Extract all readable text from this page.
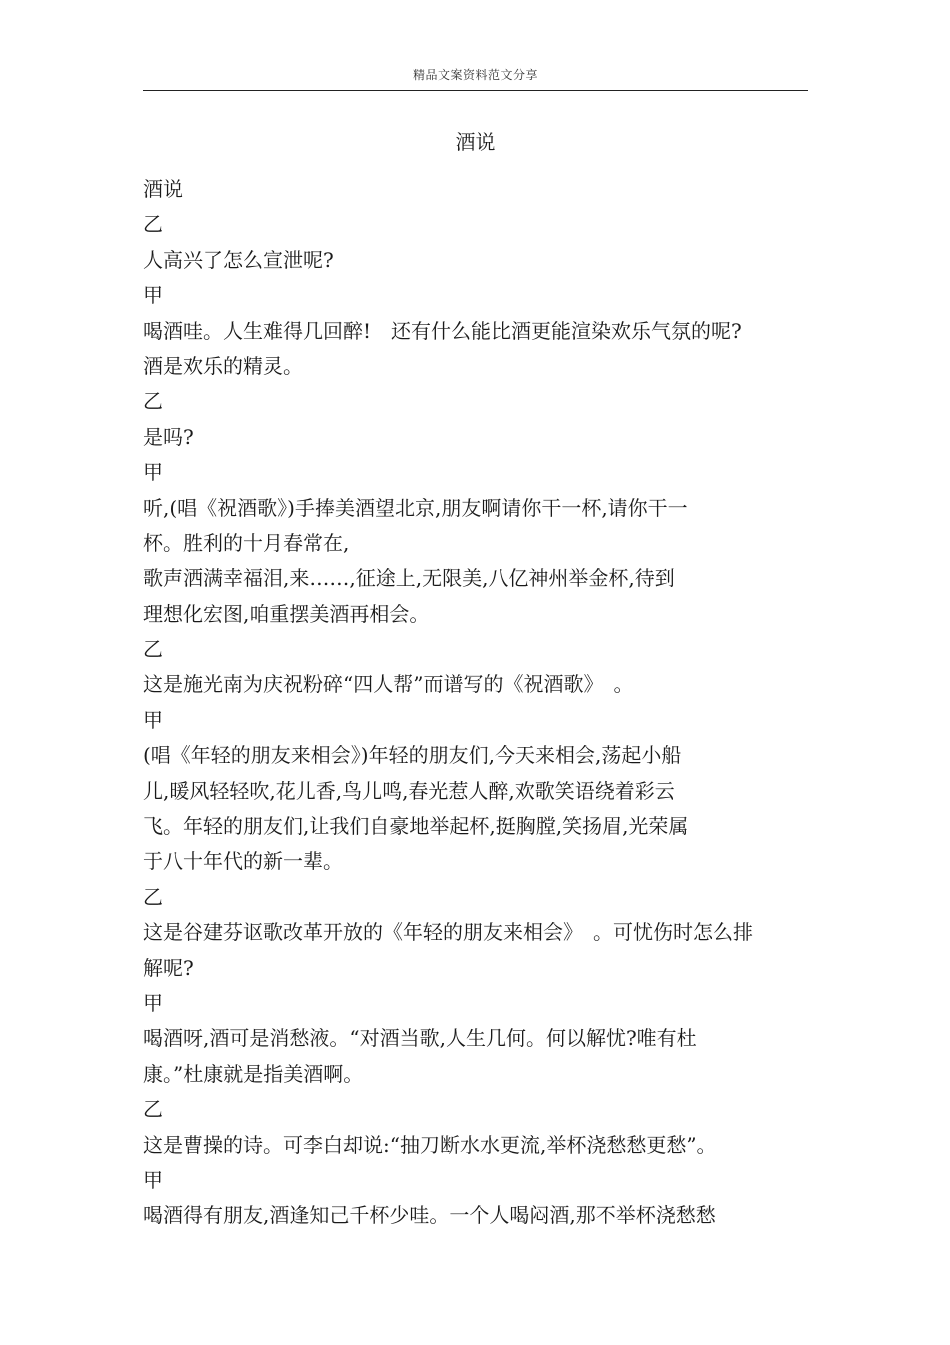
精品文案资料范文分享
酒说
酒说
乙
人高兴了怎么宣泄呢?
甲
喝酒哇。人生难得几回醉!　还有什么能比酒更能渲染欢乐气氛的呢?
酒是欢乐的精灵。
乙
是吗?
甲
听,(唱《祝酒歌》)手捧美酒望北京,朋友啊请你干一杯,请你干一
杯。胜利的十月春常在,
歌声洒满幸福泪,来……,征途上,无限美,八亿神州举金杯,待到
理想化宏图,咱重摆美酒再相会。
乙
这是施光南为庆祝粉碎“四人帮”而谱写的《祝酒歌》　。
甲
(唱《年轻的朋友来相会》)年轻的朋友们,今天来相会,荡起小船
儿,暖风轻轻吹,花儿香,鸟儿鸣,春光惹人醉,欢歌笑语绕着彩云
飞。年轻的朋友们,让我们自豪地举起杯,挺胸膛,笑扬眉,光荣属
于八十年代的新一辈。
乙
这是谷建芬讴歌改革开放的《年轻的朋友来相会》　。可忧伤时怎么排
解呢?
甲
喝酒呀,酒可是消愁液。“对酒当歌,人生几何。何以解忧?唯有杜
康。”杜康就是指美酒啊。
乙
这是曹操的诗。可李白却说:“抽刀断水水更流,举杯浇愁愁更愁”。
甲
喝酒得有朋友,酒逢知己千杯少哇。一个人喝闷酒,那不举杯浇愁愁
